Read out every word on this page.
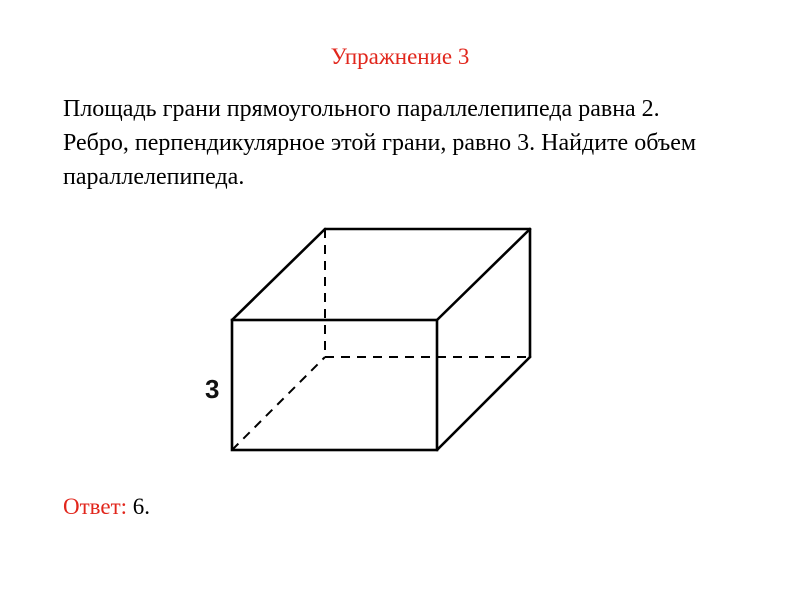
Упражнение 3
Площадь грани прямоугольного параллелепипеда равна 2.
Ребро, перпендикулярное этой грани, равно 3. Найдите объем
параллелепипеда.
3
Ответ: 6.
